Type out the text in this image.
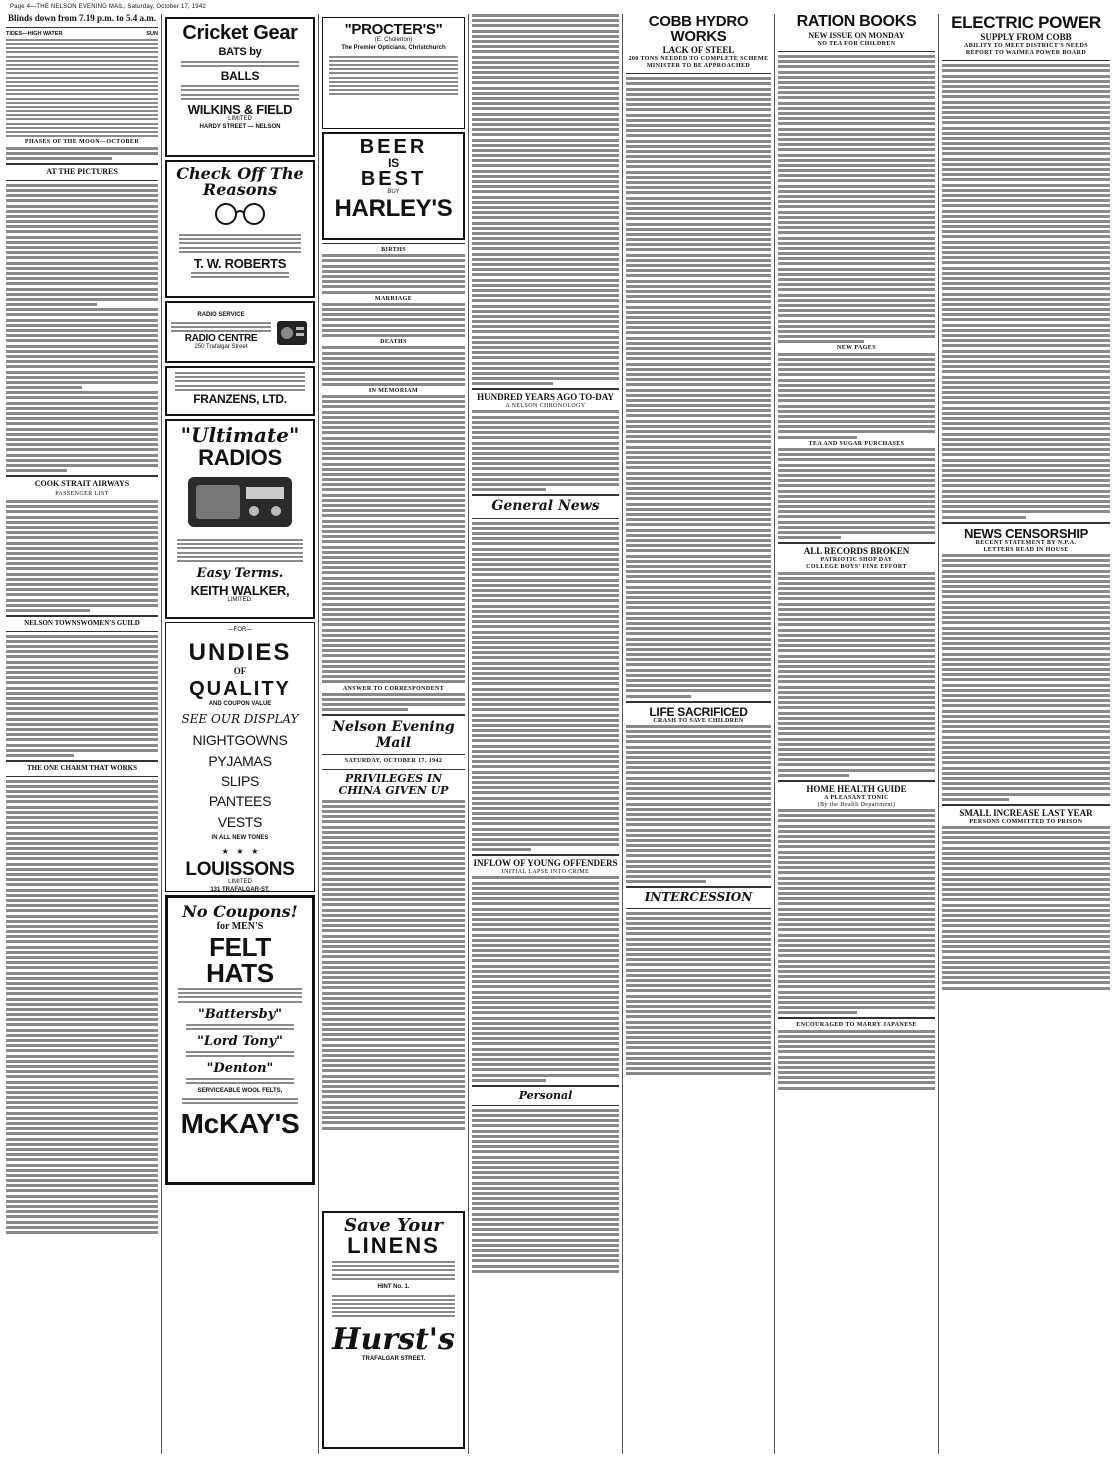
Page 4—THE NELSON EVENING MAIL, Saturday, October 17, 1942
Blinds down from 7.19 p.m. to 5.4 a.m.
TIDES—HIGH WATER	SUN
PHASES OF THE MOON—OCTOBER
AT THE PICTURES
COOK STRAIT AIRWAYS
PASSENGER LIST
NELSON TOWNSWOMEN'S GUILD
THE ONE CHARM THAT WORKS
Cricket Gear
BATS by
BALLS
WILKINS & FIELD
LIMITED
HARDY STREET — NELSON
Check Off The Reasons
T. W. ROBERTS
RADIO SERVICE
RADIO CENTRE
250 Trafalgar Street
FRANZENS, LTD.
"Ultimate"
RADIOS
Easy Terms.
KEITH WALKER,
LIMITED.
—FOR—
UNDIES
OF
QUALITY
AND COUPON VALUE
SEE OUR DISPLAY
NIGHTGOWNS
PYJAMAS
SLIPS
PANTEES
VESTS
IN ALL NEW TONES
★   ★   ★
LOUISSONS
LIMITED
131 TRAFALGAR-ST.
No Coupons!
for MEN'S
FELT HATS
"Battersby"
"Lord Tony"
"Denton"
SERVICEABLE WOOL FELTS,
McKAY'S
"PROCTER'S"
(E. Cholerton)
The Premier Opticians, Christchurch
BEER
IS
BEST
BUY
HARLEY'S
BIRTHS
MARRIAGE
DEATHS
IN MEMORIAM
ANSWER TO CORRESPONDENT
Nelson Evening Mail
SATURDAY, OCTOBER 17, 1942
PRIVILEGES IN CHINA GIVEN UP
Save Your
LINENS
HINT No. 1.
Hurst's
TRAFALGAR STREET.
HUNDRED YEARS AGO TO-DAY
A NELSON CHRONOLOGY
General News
INFLOW OF YOUNG OFFENDERS
INITIAL LAPSE INTO CRIME
Personal
COBB HYDRO WORKS
LACK OF STEEL
200 TONS NEEDED TO COMPLETE SCHEME
MINISTER TO BE APPROACHED
LIFE SACRIFICED
CRASH TO SAVE CHILDREN
INTERCESSION
RATION BOOKS
NEW ISSUE ON MONDAY
NO TEA FOR CHILDREN
NEW PAGES
TEA AND SUGAR PURCHASES
ALL RECORDS BROKEN
PATRIOTIC SHOP DAY
COLLEGE BOYS' FINE EFFORT
HOME HEALTH GUIDE
A PLEASANT TONIC
(By the Health Department)
ENCOURAGED TO MARRY JAPANESE
ELECTRIC POWER
SUPPLY FROM COBB
ABILITY TO MEET DISTRICT'S NEEDS
REPORT TO WAIMEA POWER BOARD
NEWS CENSORSHIP
RECENT STATEMENT BY N.P.A.
LETTERS READ IN HOUSE
SMALL INCREASE LAST YEAR
PERSONS COMMITTED TO PRISON
